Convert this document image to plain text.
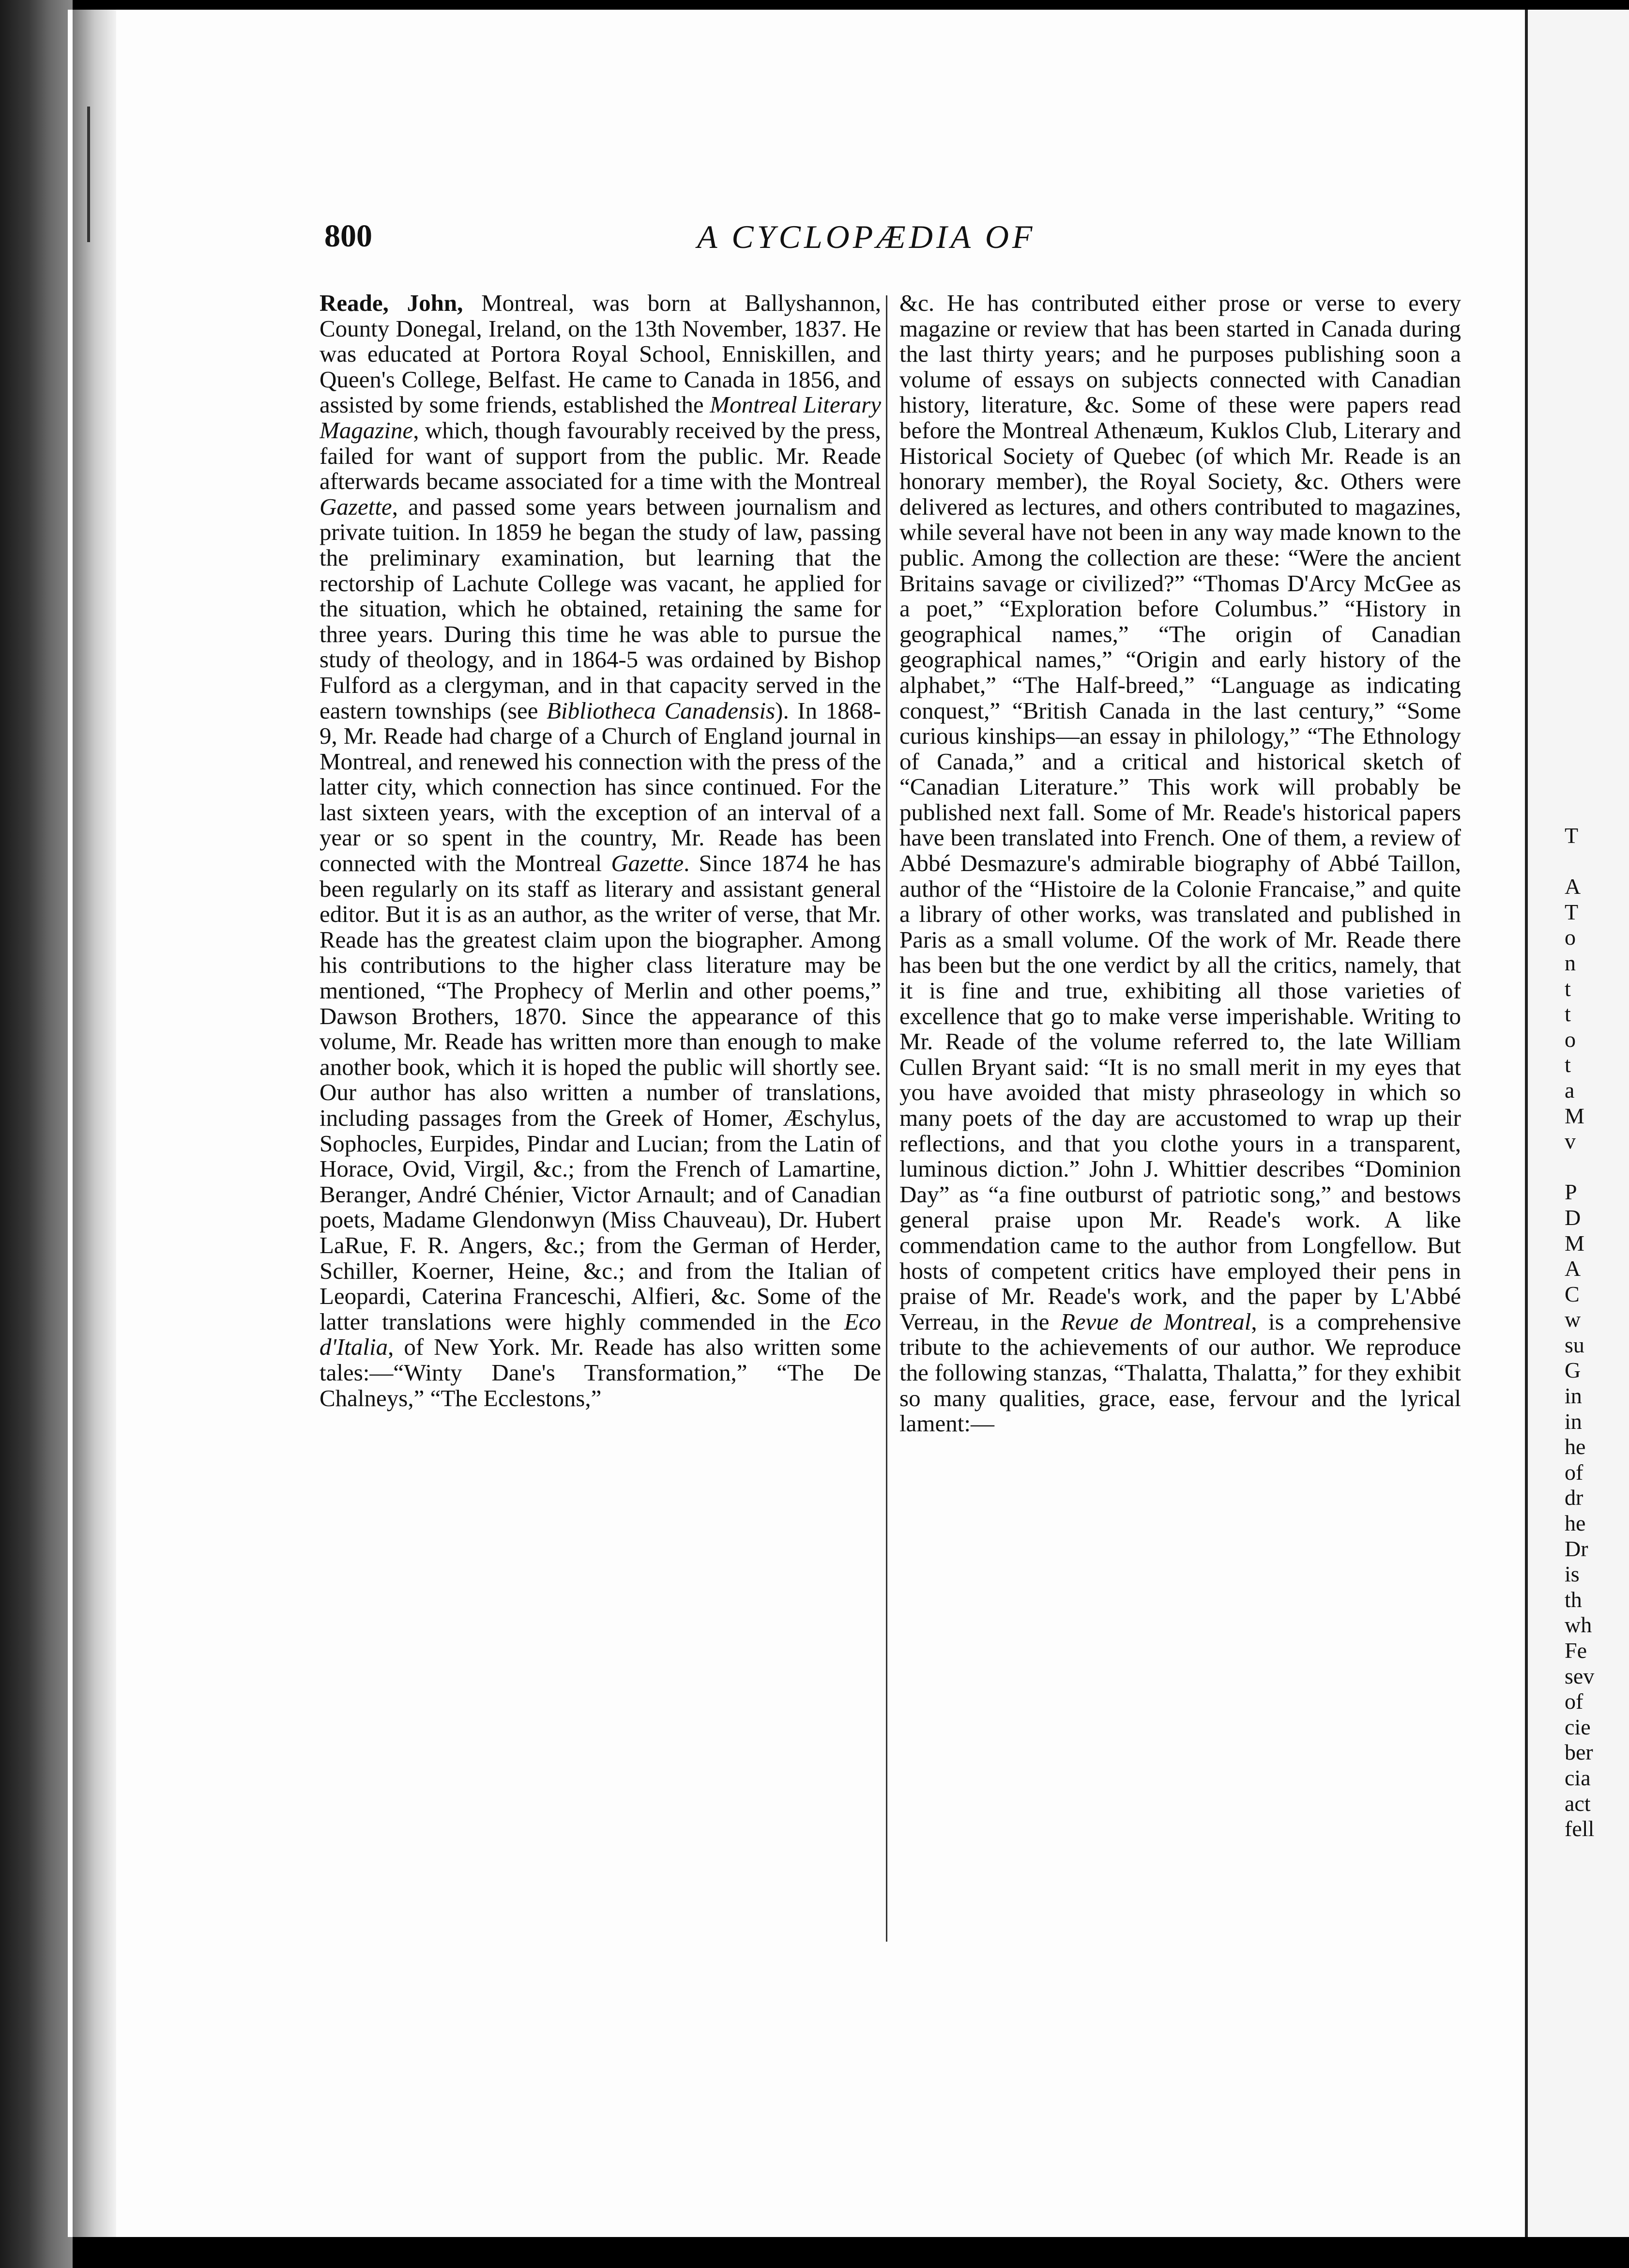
800	A CYCLOPÆDIA OF
Reade, John, Montreal, was born at Ballyshannon, County Donegal, Ireland, on the 13th November, 1837. He was educated at Portora Royal School, Enniskillen, and Queen's College, Belfast. He came to Canada in 1856, and assisted by some friends, established the Montreal Literary Magazine, which, though favourably received by the press, failed for want of support from the public. Mr. Reade afterwards became associated for a time with the Montreal Gazette, and passed some years between journalism and private tuition. In 1859 he began the study of law, passing the preliminary examination, but learning that the rectorship of Lachute College was vacant, he applied for the situation, which he obtained, retaining the same for three years. During this time he was able to pursue the study of theology, and in 1864-5 was ordained by Bishop Fulford as a clergyman, and in that capacity served in the eastern townships (see Bibliotheca Canadensis). In 1868-9, Mr. Reade had charge of a Church of England journal in Montreal, and renewed his connection with the press of the latter city, which connection has since continued. For the last sixteen years, with the exception of an interval of a year or so spent in the country, Mr. Reade has been connected with the Montreal Gazette. Since 1874 he has been regularly on its staff as literary and assistant general editor. But it is as an author, as the writer of verse, that Mr. Reade has the greatest claim upon the biographer. Among his contributions to the higher class literature may be mentioned, “The Prophecy of Merlin and other poems,” Dawson Brothers, 1870. Since the appearance of this volume, Mr. Reade has written more than enough to make another book, which it is hoped the public will shortly see. Our author has also written a number of translations, including passages from the Greek of Homer, Æschylus, Sophocles, Eurpides, Pindar and Lucian; from the Latin of Horace, Ovid, Virgil, &c.; from the French of Lamartine, Beranger, André Chénier, Victor Arnault; and of Canadian poets, Madame Glendonwyn (Miss Chauveau), Dr. Hubert LaRue, F. R. Angers, &c.; from the German of Herder, Schiller, Koerner, Heine, &c.; and from the Italian of Leopardi, Caterina Franceschi, Alfieri, &c. Some of the latter translations were highly commended in the Eco d'Italia, of New York. Mr. Reade has also written some tales:—“Winty Dane's Transformation,” “The De Chalneys,” “The Ecclestons,”
&c. He has contributed either prose or verse to every magazine or review that has been started in Canada during the last thirty years; and he purposes publishing soon a volume of essays on subjects connected with Canadian history, literature, &c. Some of these were papers read before the Montreal Athenæum, Kuklos Club, Literary and Historical Society of Quebec (of which Mr. Reade is an honorary member), the Royal Society, &c. Others were delivered as lectures, and others contributed to magazines, while several have not been in any way made known to the public. Among the collection are these: “Were the ancient Britains savage or civilized?” “Thomas D'Arcy McGee as a poet,” “Exploration before Columbus.” “History in geographical names,” “The origin of Canadian geographical names,” “Origin and early history of the alphabet,” “The Half-breed,” “Language as indicating conquest,” “British Canada in the last century,” “Some curious kinships—an essay in philology,” “The Ethnology of Canada,” and a critical and historical sketch of “Canadian Literature.” This work will probably be published next fall. Some of Mr. Reade's historical papers have been translated into French. One of them, a review of Abbé Desmazure's admirable biography of Abbé Taillon, author of the “Histoire de la Colonie Francaise,” and quite a library of other works, was translated and published in Paris as a small volume. Of the work of Mr. Reade there has been but the one verdict by all the critics, namely, that it is fine and true, exhibiting all those varieties of excellence that go to make verse imperishable. Writing to Mr. Reade of the volume referred to, the late William Cullen Bryant said: “It is no small merit in my eyes that you have avoided that misty phraseology in which so many poets of the day are accustomed to wrap up their reflections, and that you clothe yours in a transparent, luminous diction.” John J. Whittier describes “Dominion Day” as “a fine outburst of patriotic song,” and bestows general praise upon Mr. Reade's work. A like commendation came to the author from Longfellow. But hosts of competent critics have employed their pens in praise of Mr. Reade's work, and the paper by L'Abbé Verreau, in the Revue de Montreal, is a comprehensive tribute to the achievements of our author. We reproduce the following stanzas, “Thalatta, Thalatta,” for they exhibit so many qualities, grace, ease, fervour and the lyrical lament:—
T
A
T
o
n
t
t
o
t
a
M
v
P
D
M
A
C
w
su
G
in
in
he
of
dr
he
Dr
is
th
wh
Fe
sev
of
cie
ber
cia
act
fell
